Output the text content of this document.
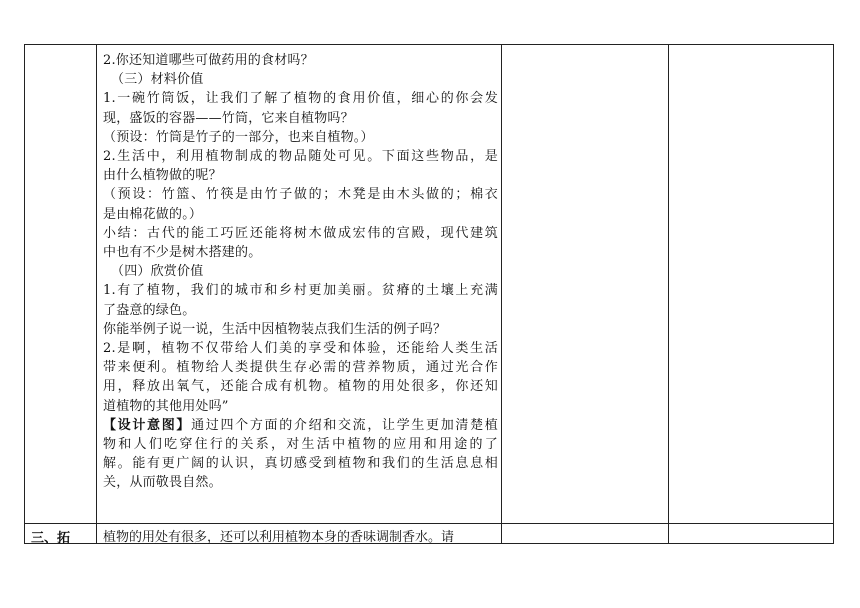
2.你还知道哪些可做药用的食材吗？

（三）材料价值

1.一碗竹筒饭，让我们了解了植物的食用价值，细心的你会发

现，盛饭的容器——竹筒，它来自植物吗？

（预设：竹筒是竹子的一部分，也来自植物。）

2.生活中，利用植物制成的物品随处可见。下面这些物品，是

由什么植物做的呢？

（预设：竹篮、竹筷是由竹子做的；木凳是由木头做的；棉衣

是由棉花做的。）

小结：古代的能工巧匠还能将树木做成宏伟的宫殿，现代建筑

中也有不少是树木搭建的。

（四）欣赏价值

1.有了植物，我们的城市和乡村更加美丽。贫瘠的土壤上充满

了盎意的绿色。

你能举例子说一说，生活中因植物装点我们生活的例子吗？

2.是啊，植物不仅带给人们美的享受和体验，还能给人类生活

带来便利。植物给人类提供生存必需的营养物质，通过光合作

用，释放出氧气，还能合成有机物。植物的用处很多，你还知

道植物的其他用处吗”

【设计意图】通过四个方面的介绍和交流，让学生更加清楚植

物和人们吃穿住行的关系，对生活中植物的应用和用途的了

解。能有更广阔的认识，真切感受到植物和我们的生活息息相

关，从而敬畏自然。

三、拓	植物的用处有很多，还可以利用植物本身的香味调制香水。请
